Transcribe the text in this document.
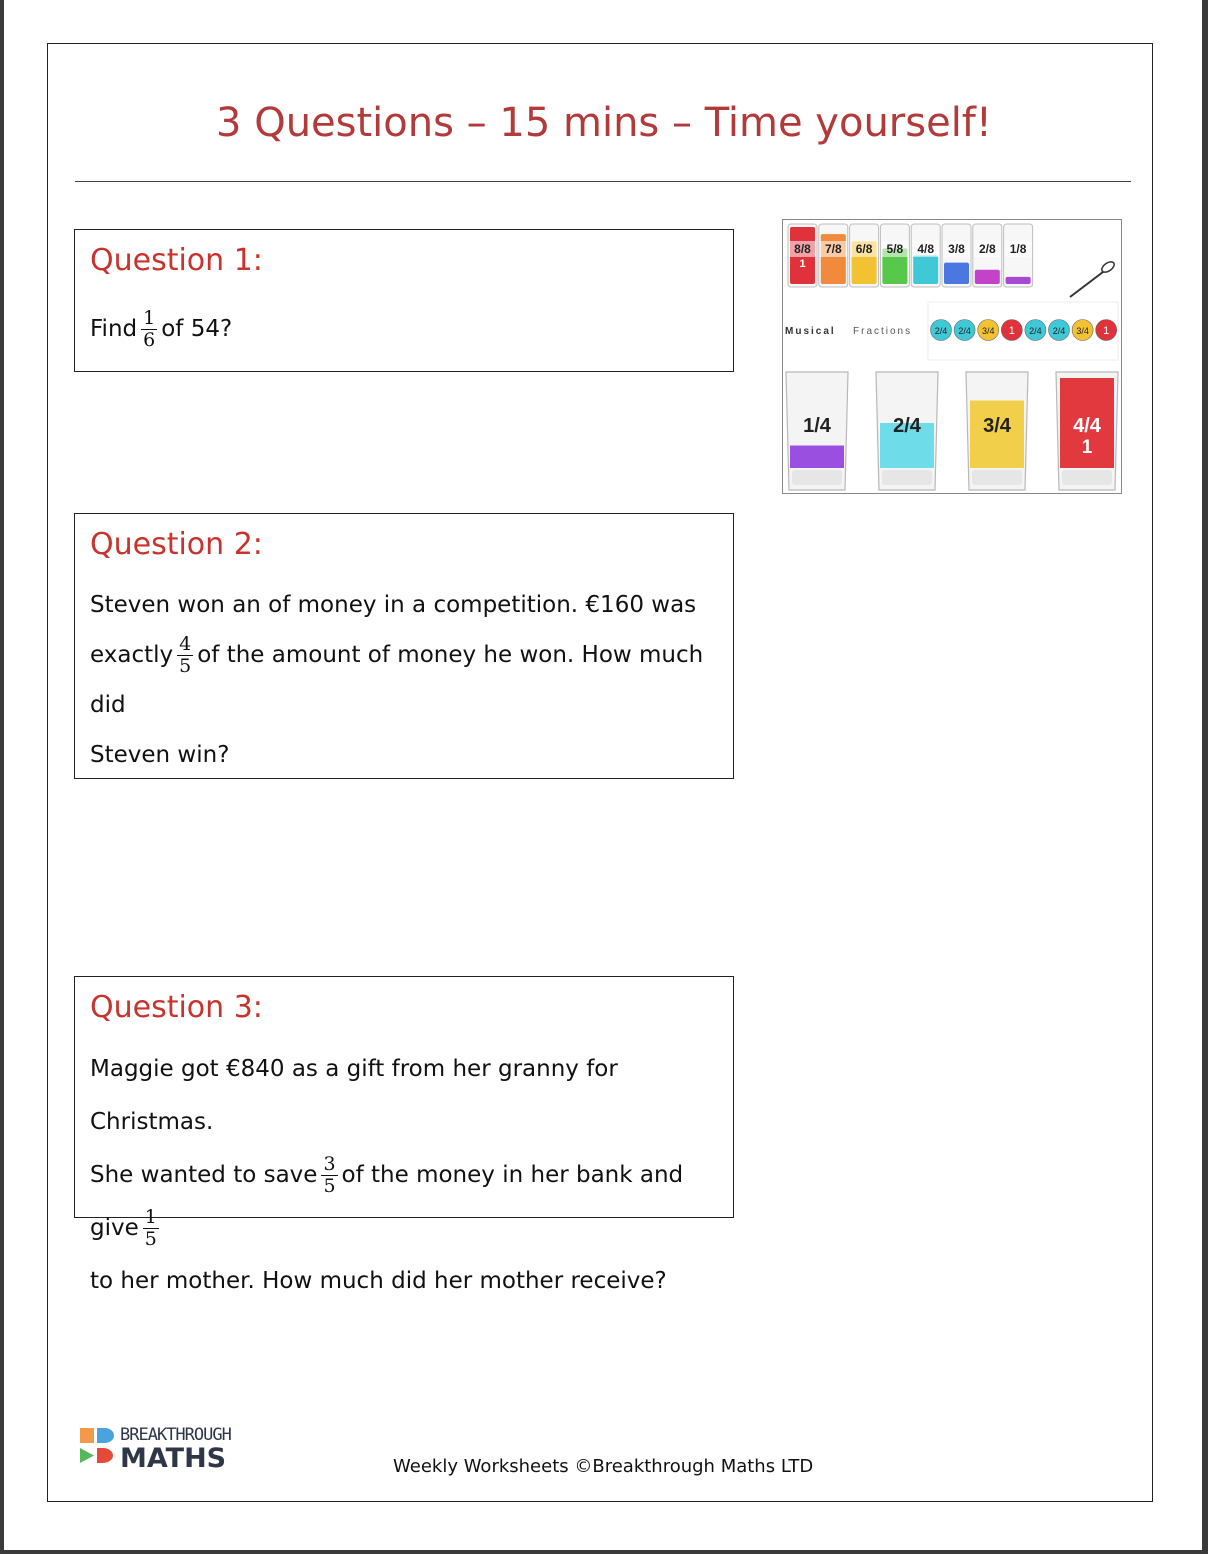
3 Questions – 15 mins – Time yourself!
Question 1:
Find $\frac{1}{6}$ of 54?
Question 2:
Steven won an of money in a competition. €160 was
exactly $\frac{4}{5}$ of the amount of money he won. How much did
Steven win?
Question 3:
Maggie got €840 as a gift from her granny for Christmas.
She wanted to save $\frac{3}{5}$ of the money in her bank and give $\frac{1}{5}$
to her mother. How much did her mother receive?
8/8 7/8 6/8 5/8 4/8 3/8 2/8 1/8
1
Musical Fractions	2/4 2/4 3/4 1 2/4 2/4 3/4 1
1/4	2/4	3/4	4/4
1
BREAKTHROUGH
MATHS	Weekly Worksheets ©Breakthrough Maths LTD
